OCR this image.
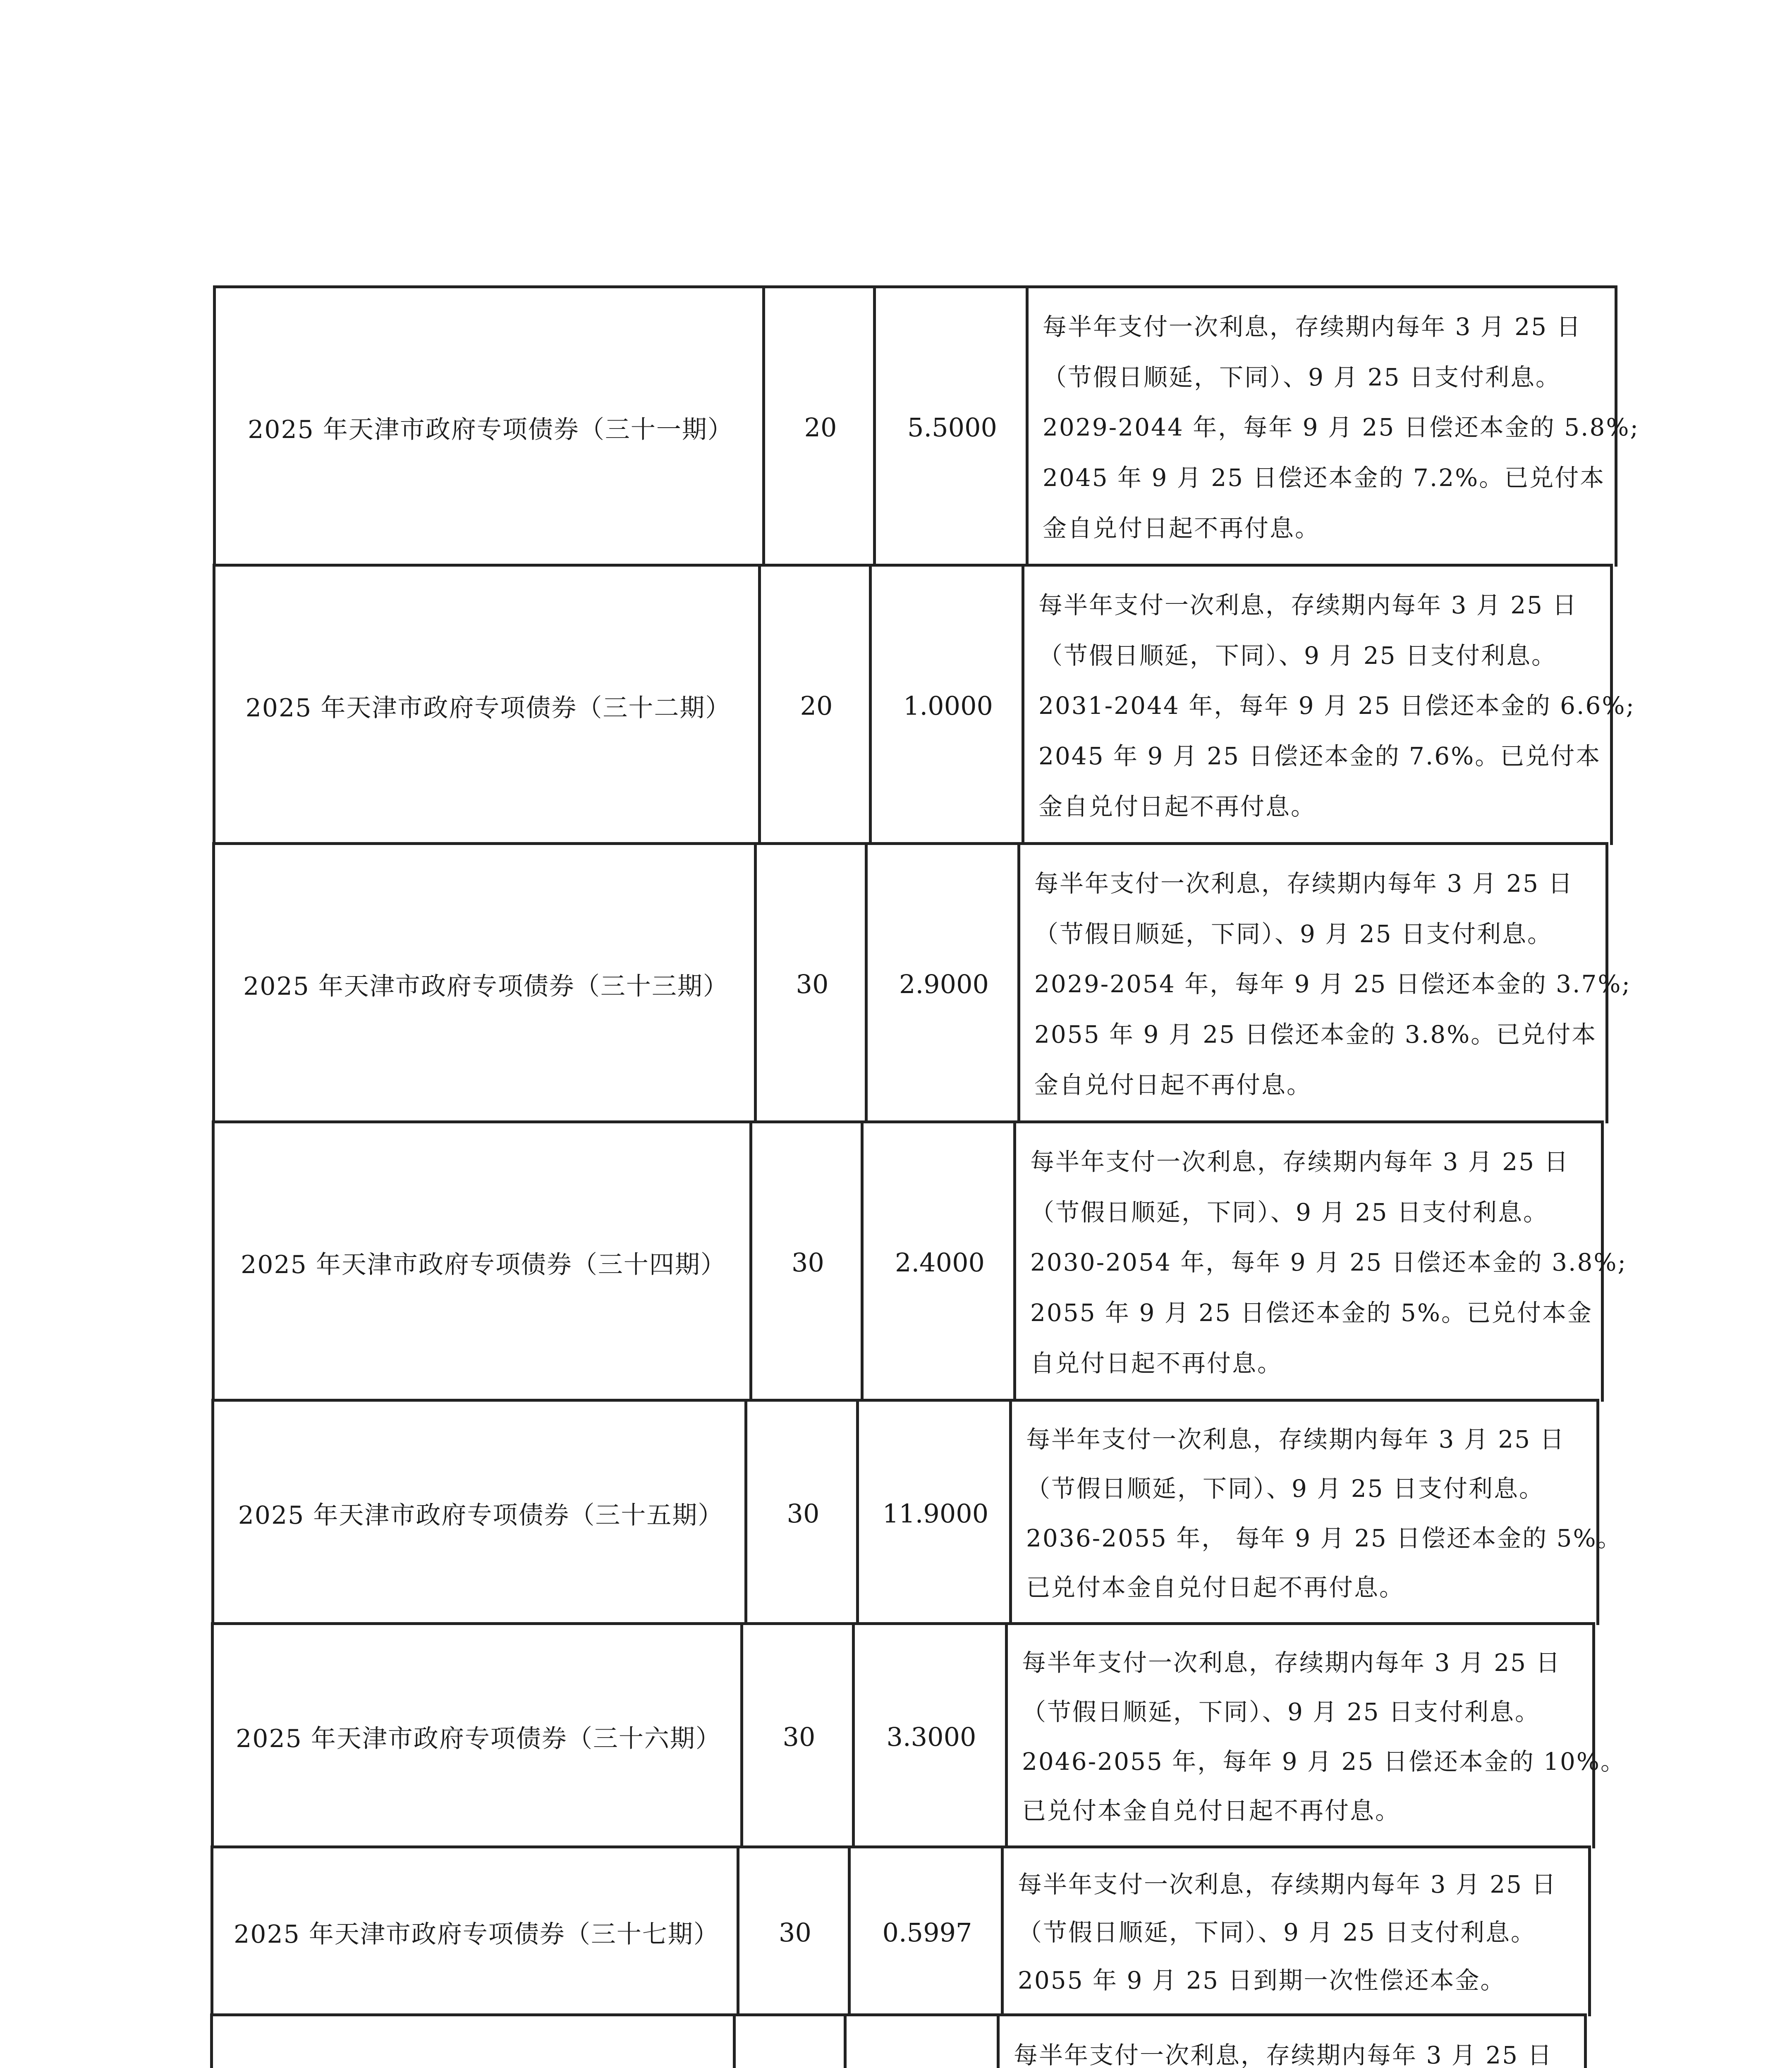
2025 年天津市政府专项债券（三十一期）	20	5.5000
每半年支付一次利息，存续期内每年 3 月 25 日
（节假日顺延，下同）、9 月 25 日支付利息。
2029-2044 年，每年 9 月 25 日偿还本金的 5.8%;
2045 年 9 月 25 日偿还本金的 7.2%。已兑付本
金自兑付日起不再付息。
2025 年天津市政府专项债券（三十二期）	20	1.0000
每半年支付一次利息，存续期内每年 3 月 25 日
（节假日顺延，下同）、9 月 25 日支付利息。
2031-2044 年，每年 9 月 25 日偿还本金的 6.6%;
2045 年 9 月 25 日偿还本金的 7.6%。已兑付本
金自兑付日起不再付息。
2025 年天津市政府专项债券（三十三期）	30	2.9000
每半年支付一次利息，存续期内每年 3 月 25 日
（节假日顺延，下同）、9 月 25 日支付利息。
2029-2054 年，每年 9 月 25 日偿还本金的 3.7%;
2055 年 9 月 25 日偿还本金的 3.8%。已兑付本
金自兑付日起不再付息。
2025 年天津市政府专项债券（三十四期）	30	2.4000
每半年支付一次利息，存续期内每年 3 月 25 日
（节假日顺延，下同）、9 月 25 日支付利息。
2030-2054 年，每年 9 月 25 日偿还本金的 3.8%;
2055 年 9 月 25 日偿还本金的 5%。已兑付本金
自兑付日起不再付息。
2025 年天津市政府专项债券（三十五期）	30	11.9000
每半年支付一次利息，存续期内每年 3 月 25 日
（节假日顺延，下同）、9 月 25 日支付利息。
2036-2055 年， 每年 9 月 25 日偿还本金的 5%。
已兑付本金自兑付日起不再付息。
2025 年天津市政府专项债券（三十六期）	30	3.3000
每半年支付一次利息，存续期内每年 3 月 25 日
（节假日顺延，下同）、9 月 25 日支付利息。
2046-2055 年，每年 9 月 25 日偿还本金的 10%。
已兑付本金自兑付日起不再付息。
2025 年天津市政府专项债券（三十七期）	30	0.5997
每半年支付一次利息，存续期内每年 3 月 25 日
（节假日顺延，下同）、9 月 25 日支付利息。
2055 年 9 月 25 日到期一次性偿还本金。
每半年支付一次利息，存续期内每年 3 月 25 日
